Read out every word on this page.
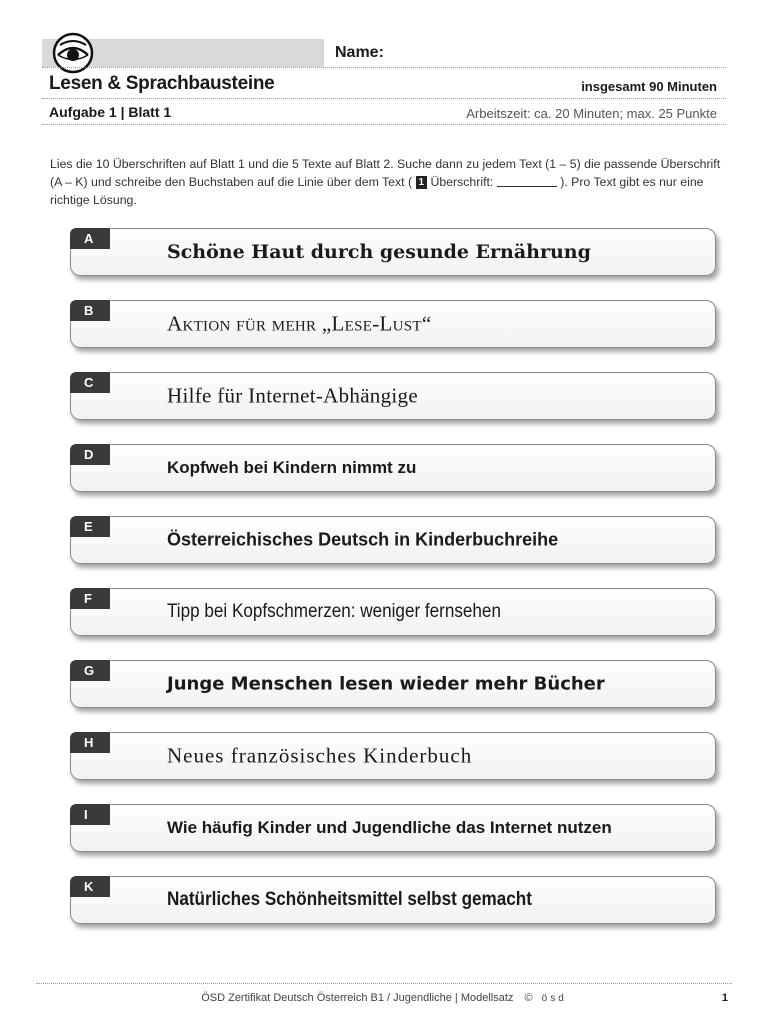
Name:
Lesen & Sprachbausteine	insgesamt 90 Minuten
Aufgabe 1 | Blatt 1	Arbeitszeit: ca. 20 Minuten; max. 25 Punkte
Lies die 10 Überschriften auf Blatt 1 und die 5 Texte auf Blatt 2. Suche dann zu jedem Text (1 – 5) die passende Überschrift (A – K) und schreibe den Buchstaben auf die Linie über dem Text ( 1 Überschrift:	). Pro Text gibt es nur eine richtige Lösung.
A
Schöne Haut durch gesunde Ernährung
B
Aktion für mehr „Lese-Lust“
C
Hilfe für Internet-Abhängige
D
Kopfweh bei Kindern nimmt zu
E
Österreichisches Deutsch in Kinderbuchreihe
F
Tipp bei Kopfschmerzen: weniger fernsehen
G
Junge Menschen lesen wieder mehr Bücher
H
Neues französisches Kinderbuch
I
Wie häufig Kinder und Jugendliche das Internet nutzen
K
Natürliches Schönheitsmittel selbst gemacht
ÖSD Zertifikat Deutsch Österreich B1 / Jugendliche | Modellsatz © ösd	1
